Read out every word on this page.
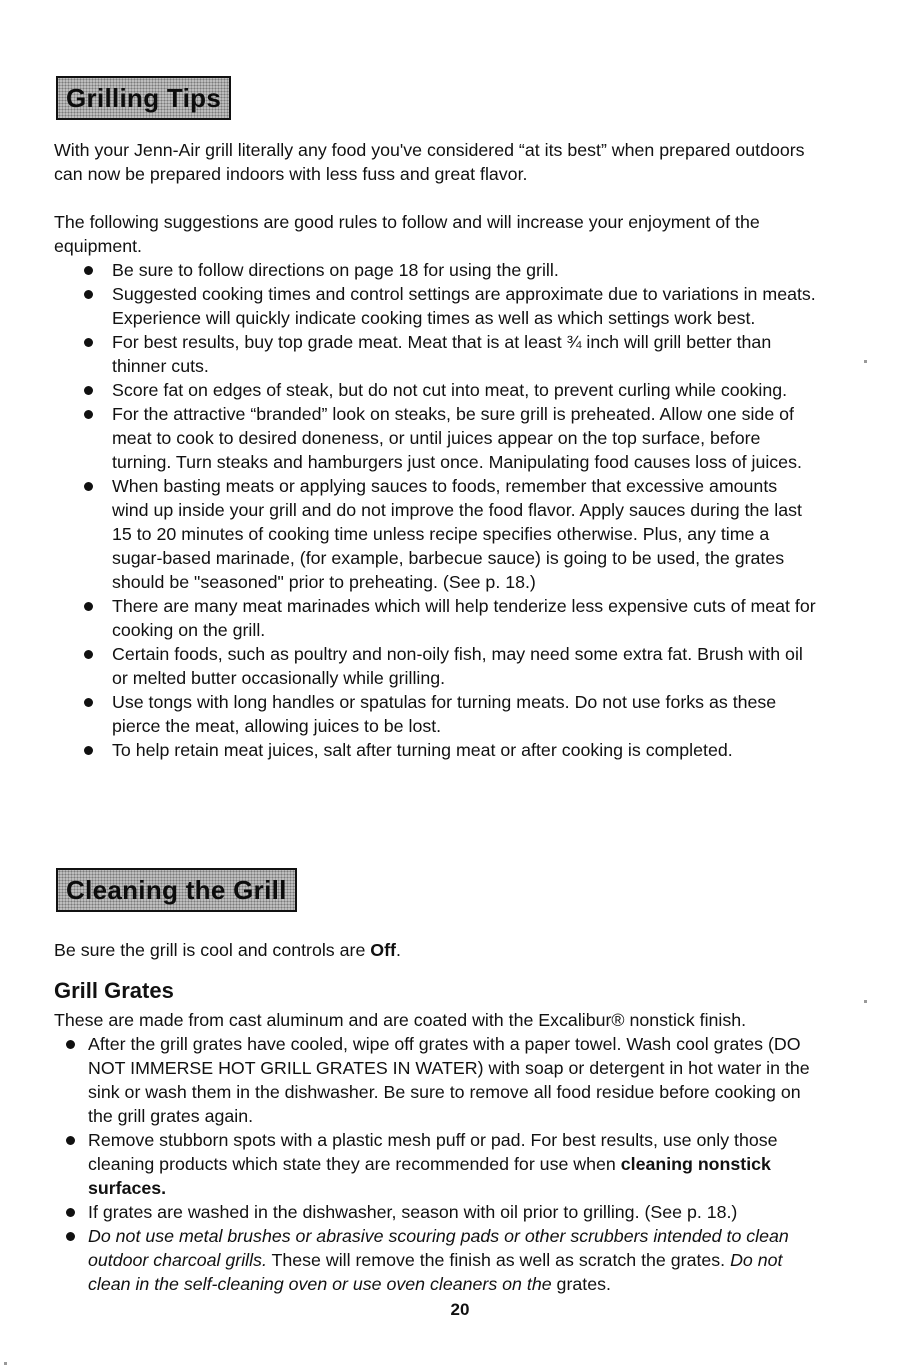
Grilling Tips

With your Jenn-Air grill literally any food you've considered “at its best” when prepared outdoors can now be prepared indoors with less fuss and great flavor.

The following suggestions are good rules to follow and will increase your enjoyment of the equipment.

Be sure to follow directions on page 18 for using the grill.
Suggested cooking times and control settings are approximate due to variations in meats. Experience will quickly indicate cooking times as well as which settings work best.
For best results, buy top grade meat. Meat that is at least ¾ inch will grill better than thinner cuts.
Score fat on edges of steak, but do not cut into meat, to prevent curling while cooking.
For the attractive “branded” look on steaks, be sure grill is preheated. Allow one side of meat to cook to desired doneness, or until juices appear on the top surface, before turning. Turn steaks and hamburgers just once. Manipulating food causes loss of juices.
When basting meats or applying sauces to foods, remember that excessive amounts wind up inside your grill and do not improve the food flavor. Apply sauces during the last 15 to 20 minutes of cooking time unless recipe specifies otherwise. Plus, any time a sugar-based marinade, (for example, barbecue sauce) is going to be used, the grates should be "seasoned" prior to preheating. (See p. 18.)
There are many meat marinades which will help tenderize less expensive cuts of meat for cooking on the grill.
Certain foods, such as poultry and non-oily fish, may need some extra fat. Brush with oil or melted butter occasionally while grilling.
Use tongs with long handles or spatulas for turning meats. Do not use forks as these pierce the meat, allowing juices to be lost.
To help retain meat juices, salt after turning meat or after cooking is completed.
Cleaning the Grill

Be sure the grill is cool and controls are Off.

Grill Grates

These are made from cast aluminum and are coated with the Excalibur® nonstick finish.

After the grill grates have cooled, wipe off grates with a paper towel. Wash cool grates (DO NOT IMMERSE HOT GRILL GRATES IN WATER) with soap or detergent in hot water in the sink or wash them in the dishwasher. Be sure to remove all food residue before cooking on the grill grates again.
Remove stubborn spots with a plastic mesh puff or pad. For best results, use only those cleaning products which state they are recommended for use when cleaning nonstick surfaces.
If grates are washed in the dishwasher, season with oil prior to grilling. (See p. 18.)
Do not use metal brushes or abrasive scouring pads or other scrubbers intended to clean outdoor charcoal grills. These will remove the finish as well as scratch the grates. Do not clean in the self-cleaning oven or use oven cleaners on the grates.
20
